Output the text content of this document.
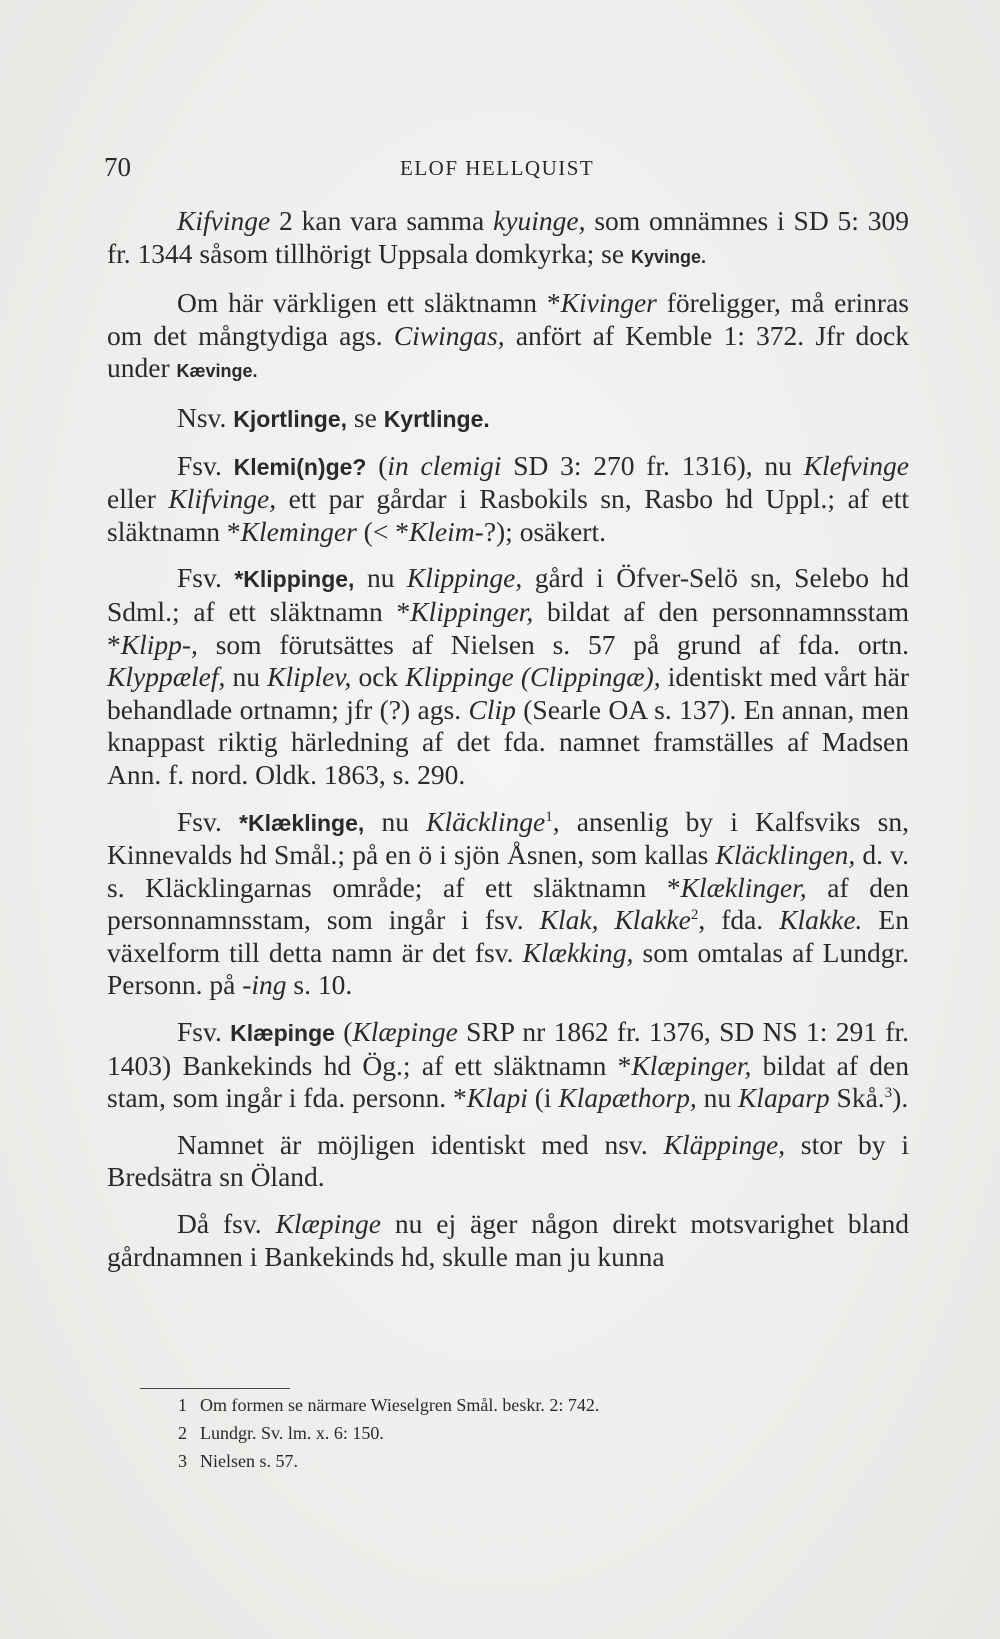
70	ELOF HELLQUIST

Kifvinge 2 kan vara samma kyuinge, som omnämnes i SD 5: 309 fr. 1344 såsom tillhörigt Uppsala domkyrka; se Kyvinge.

Om här värkligen ett släktnamn *Kivinger föreligger, må erinras om det mångtydiga ags. Ciwingas, anfört af Kemble 1: 372. Jfr dock under Kævinge.

Nsv. Kjortlinge, se Kyrtlinge.

Fsv. Klemi(n)ge? (in clemigi SD 3: 270 fr. 1316), nu Klefvinge eller Klifvinge, ett par gårdar i Rasbokils sn, Rasbo hd Uppl.; af ett släktnamn *Kleminger (< *Kleim-?); osäkert.

Fsv. *Klippinge, nu Klippinge, gård i Öfver-Selö sn, Selebo hd Sdml.; af ett släktnamn *Klippinger, bildat af den personnamnsstam *Klipp-, som förutsättes af Nielsen s. 57 på grund af fda. ortn. Klyppælef, nu Kliplev, ock Klippinge (Clippingæ), identiskt med vårt här behandlade ortnamn; jfr (?) ags. Clip (Searle OA s. 137). En annan, men knappast riktig härledning af det fda. namnet framställes af Madsen Ann. f. nord. Oldk. 1863, s. 290.

Fsv. *Klæklinge, nu Kläcklinge$^1$, ansenlig by i Kalfsviks sn, Kinnevalds hd Smål.; på en ö i sjön Åsnen, som kallas Kläcklingen, d. v. s. Kläcklingarnas område; af ett släktnamn *Klæklinger, af den personnamnsstam, som ingår i fsv. Klak, Klakke$^2$, fda. Klakke. En växelform till detta namn är det fsv. Klækking, som omtalas af Lundgr. Personn. på -ing s. 10.

Fsv. Klæpinge (Klæpinge SRP nr 1862 fr. 1376, SD NS 1: 291 fr. 1403) Bankekinds hd Ög.; af ett släktnamn *Klæpinger, bildat af den stam, som ingår i fda. personn. *Klapi (i Klapæthorp, nu Klaparp Skå.$^3$).

Namnet är möjligen identiskt med nsv. Kläppinge, stor by i Bredsätra sn Öland.

Då fsv. Klæpinge nu ej äger någon direkt motsvarighet bland gårdnamnen i Bankekinds hd, skulle man ju kunna

1 Om formen se närmare Wieselgren Smål. beskr. 2: 742.
2 Lundgr. Sv. lm. x. 6: 150.
3 Nielsen s. 57.
